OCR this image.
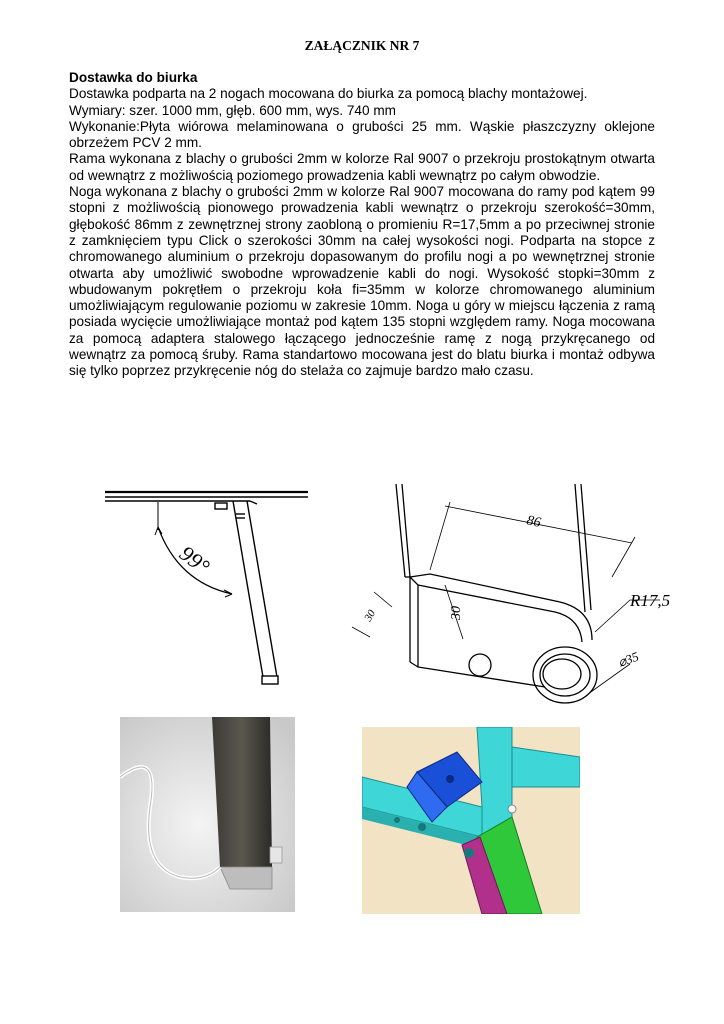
ZAŁĄCZNIK NR 7

Dostawka do biurka

Dostawka podparta na 2 nogach mocowana do biurka za pomocą blachy montażowej.

Wymiary: szer. 1000 mm, głęb. 600 mm, wys. 740 mm

Wykonanie:Płyta wiórowa melaminowana o grubości 25 mm. Wąskie płaszczyzny oklejone obrzeżem PCV 2 mm.

Rama wykonana z blachy o grubości 2mm w kolorze Ral 9007 o przekroju prostokątnym otwarta od wewnątrz z możliwością poziomego prowadzenia kabli wewnątrz po całym obwodzie.

Noga wykonana z blachy o grubości 2mm w kolorze Ral 9007 mocowana do ramy pod kątem 99 stopni z możliwością pionowego prowadzenia kabli wewnątrz o przekroju szerokość=30mm, głębokość 86mm z zewnętrznej strony zaobloną o promieniu R=17,5mm a po przeciwnej stronie z zamknięciem typu Click o szerokości 30mm na całej wysokości nogi. Podparta na stopce z chromowanego aluminium o przekroju dopasowanym do profilu nogi a po wewnętrznej stronie otwarta aby umożliwić swobodne wprowadzenie kabli do nogi. Wysokość stopki=30mm z wbudowanym pokrętłem o przekroju koła fi=35mm w kolorze chromowanego aluminium umożliwiającym regulowanie poziomu w zakresie 10mm. Noga u góry w miejscu łączenia z ramą posiada wycięcie umożliwiające montaż pod kątem 135 stopni względem ramy. Noga mocowana za pomocą adaptera stalowego łączącego jednocześnie ramę z nogą przykręcanego od wewnątrz za pomocą śruby. Rama standartowo mocowana jest do blatu biurka i montaż odbywa się tylko poprzez przykręcenie nóg do stelaża co zajmuje bardzo mało czasu.

99°
86
30
30
R17,5
⌀35
